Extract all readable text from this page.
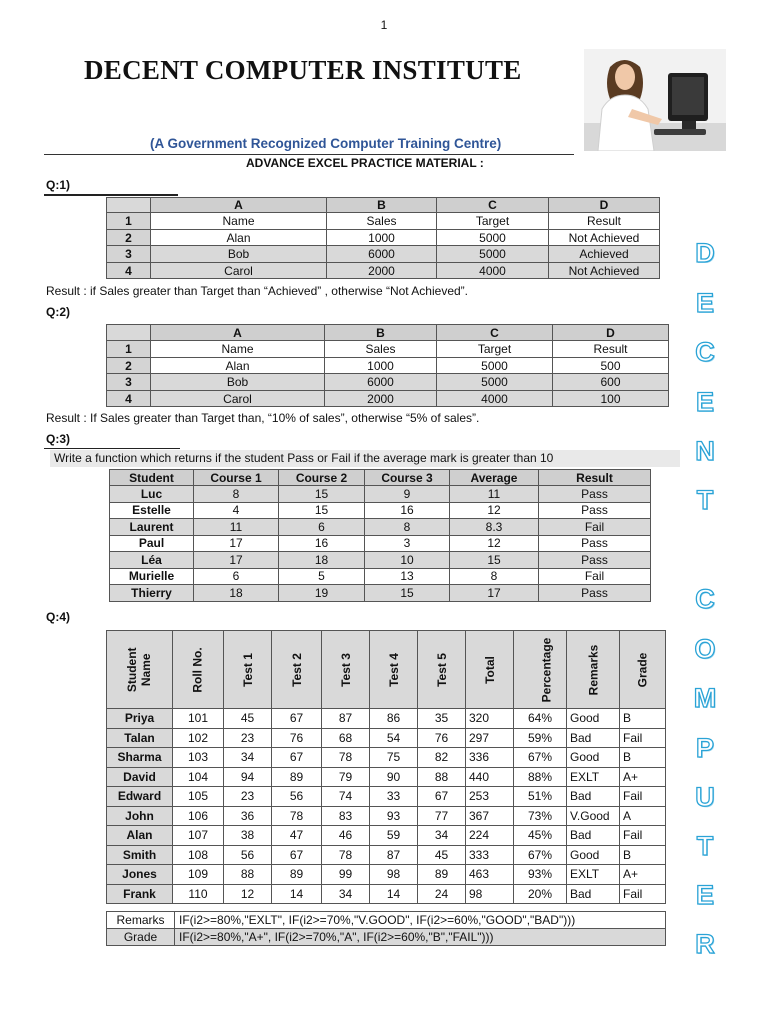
1
DECENT COMPUTER INSTITUTE
(A Government Recognized Computer Training Centre)
ADVANCE EXCEL PRACTICE MATERIAL :
Q:1)
	A	B	C	D
1	Name	Sales	Target	Result
2	Alan	1000	5000	Not Achieved
3	Bob	6000	5000	Achieved
4	Carol	2000	4000	Not Achieved
Result : if Sales greater than Target than “Achieved” , otherwise “Not Achieved”.
Q:2)
	A	B	C	D
1	Name	Sales	Target	Result
2	Alan	1000	5000	500
3	Bob	6000	5000	600
4	Carol	2000	4000	100
Result : If Sales greater than Target than, “10% of sales”, otherwise “5% of sales”.
Q:3)
Write a function which returns if the student Pass or Fail if the average mark is greater than 10
Student	Course 1	Course 2	Course 3	Average	Result
Luc	8	15	9	11	Pass
Estelle	4	15	16	12	Pass
Laurent	11	6	8	8.3	Fail
Paul	17	16	3	12	Pass
Léa	17	18	10	15	Pass
Murielle	6	5	13	8	Fail
Thierry	18	19	15	17	Pass
Q:4)
Student Name	Roll No.	Test 1	Test 2	Test 3	Test 4	Test 5	Total	Percentage	Remarks	Grade
Priya	101	45	67	87	86	35	320	64%	Good	B
Talan	102	23	76	68	54	76	297	59%	Bad	Fail
Sharma	103	34	67	78	75	82	336	67%	Good	B
David	104	94	89	79	90	88	440	88%	EXLT	A+
Edward	105	23	56	74	33	67	253	51%	Bad	Fail
John	106	36	78	83	93	77	367	73%	V.Good	A
Alan	107	38	47	46	59	34	224	45%	Bad	Fail
Smith	108	56	67	78	87	45	333	67%	Good	B
Jones	109	88	89	99	98	89	463	93%	EXLT	A+
Frank	110	12	14	34	14	24	98	20%	Bad	Fail
Remarks	IF(i2>=80%,"EXLT", IF(i2>=70%,"V.GOOD", IF(i2>=60%,"GOOD","BAD")))
Grade	IF(i2>=80%,"A+", IF(i2>=70%,"A", IF(i2>=60%,"B","FAIL")))
D
E
C
E
N
T
C
O
M
P
U
T
E
R
